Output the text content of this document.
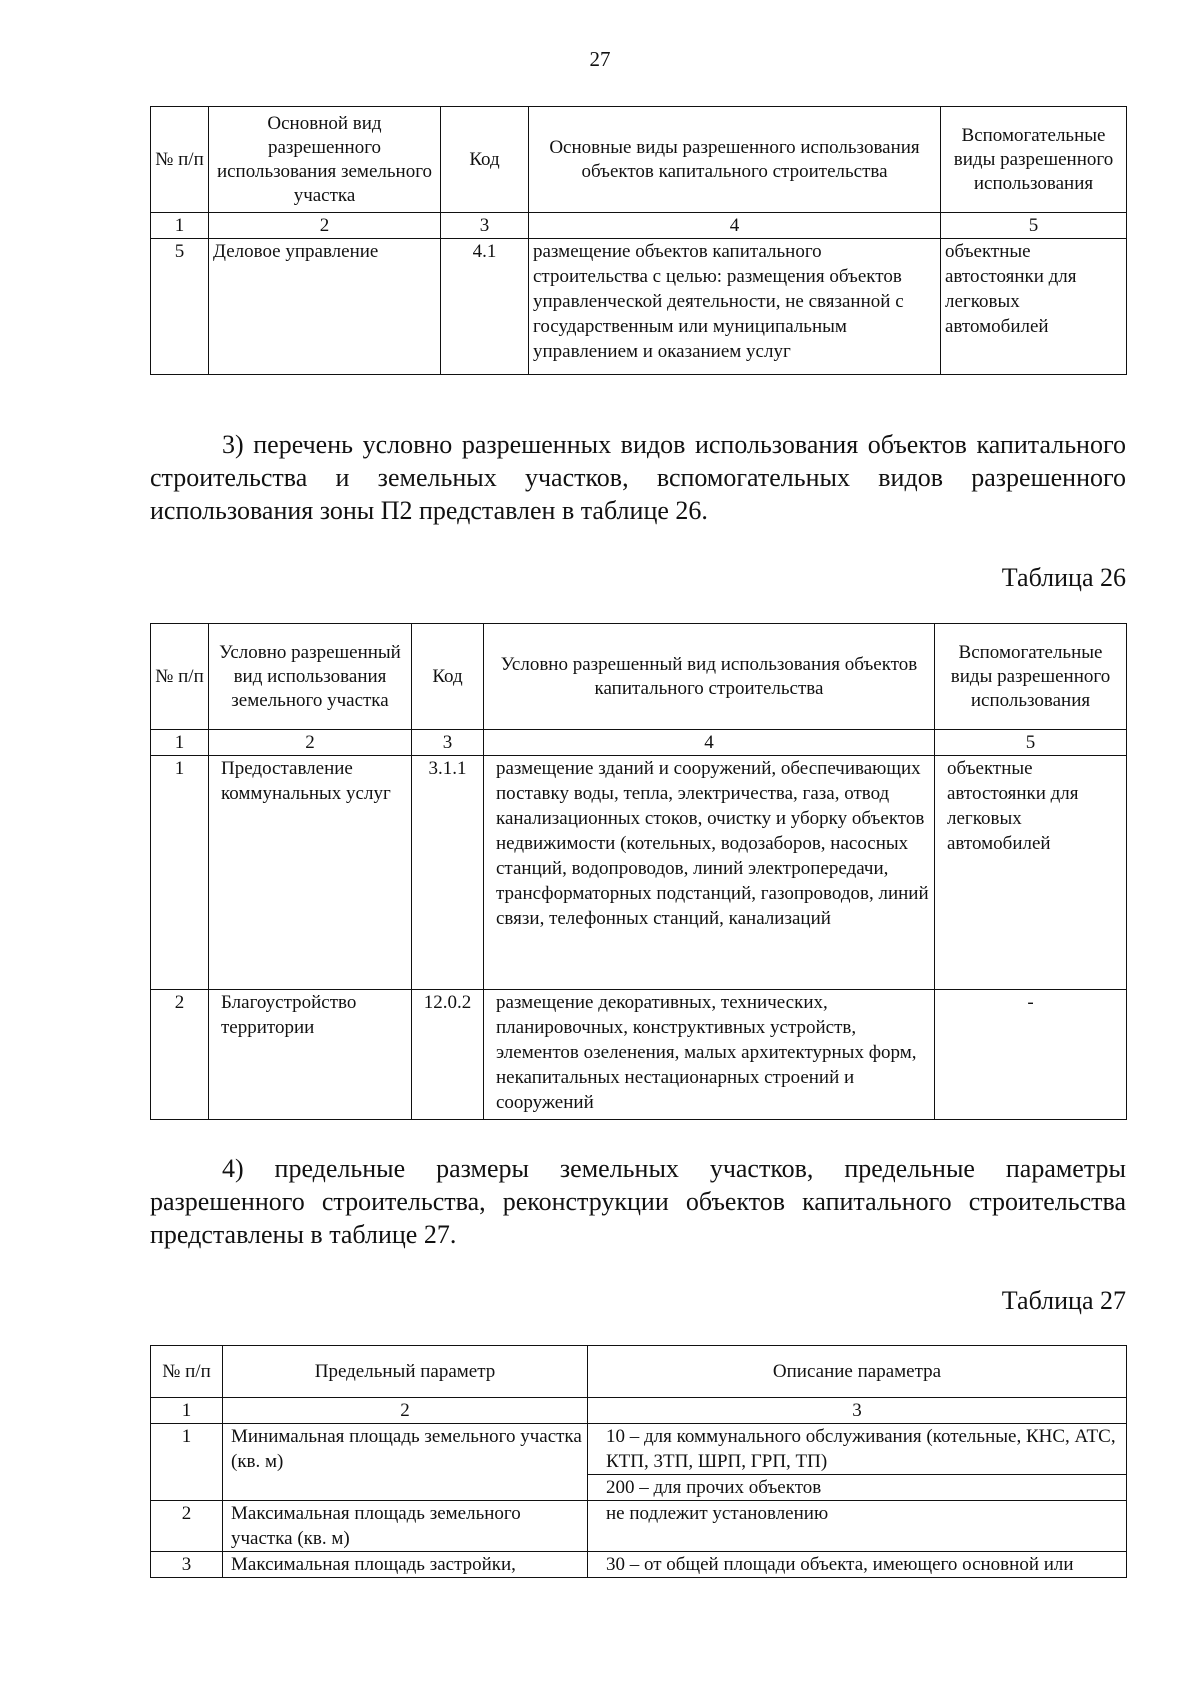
27
№ п/п	Основной вид разрешенного использования земельного участка	Код	Основные виды разрешенного использования объектов капитального строительства	Вспомогательные виды разрешенного использования
1	2	3	4	5
5	Деловое управление	4.1	размещение объектов капитального строительства с целью: размещения объектов управленческой деятельности, не связанной с государственным или муниципальным управлением и оказанием услуг	объектные автостоянки для легковых автомобилей
3) перечень условно разрешенных видов использования объектов капитального строительства и земельных участков, вспомогательных видов разрешенного использования зоны П2 представлен в таблице 26.
Таблица 26
№ п/п	Условно разрешенный вид использования земельного участка	Код	Условно разрешенный вид использования объектов капитального строительства	Вспомогательные виды разрешенного использования
1	2	3	4	5
1	Предоставление коммунальных услуг	3.1.1	размещение зданий и сооружений, обеспечивающих поставку воды, тепла, электричества, газа, отвод канализационных стоков, очистку и уборку объектов недвижимости (котельных, водозаборов, насосных станций, водопроводов, линий электропередачи, трансформаторных подстанций, газопроводов, линий связи, телефонных станций, канализаций	объектные автостоянки для легковых автомобилей
2	Благоустройство территории	12.0.2	размещение декоративных, технических, планировочных, конструктивных устройств, элементов озеленения, малых архитектурных форм, некапитальных нестационарных строений и сооружений	-
4) предельные размеры земельных участков, предельные параметры разрешенного строительства, реконструкции объектов капитального строительства представлены в таблице 27.
Таблица 27
№ п/п	Предельный параметр	Описание параметра
1	2	3
1	Минимальная площадь земельного участка (кв. м)	10 – для коммунального обслуживания (котельные, КНС, АТС, КТП, 3ТП, ШРП, ГРП, ТП)
		200 – для прочих объектов
2	Максимальная площадь земельного участка (кв. м)	не подлежит установлению
3	Максимальная площадь застройки,	30 – от общей площади объекта, имеющего основной или
